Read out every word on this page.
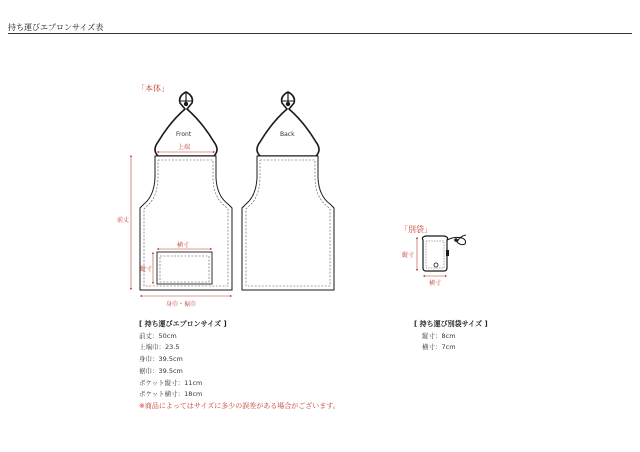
持ち運びエプロンサイズ表
「本体」
Front
上端
前丈
身巾・裾巾
横寸
縦寸
Back
「別袋」
縦寸
横寸
[ 持ち運びエプロンサイズ ]
前丈：50cm
上端巾：23.5
身巾：39.5cm
裾巾：39.5cm
ポケット縦寸：11cm
ポケット横寸：18cm
[ 持ち運び別袋サイズ ]
縦寸：8cm
横寸：7cm
※商品によってはサイズに多少の誤差がある場合がございます。
